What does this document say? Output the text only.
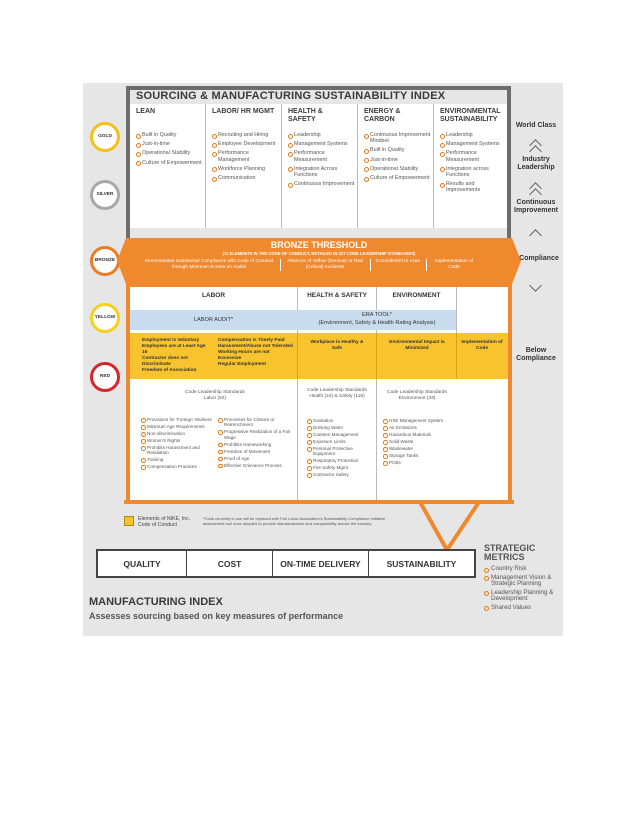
SOURCING & MANUFACTURING SUSTAINABILITY INDEX
LEAN
Built in Quality
Just-in-time
Operational Stability
Culture of Empowerment
LABOR/ HR MGMT
Recruiting and Hiring
Employee Development
Performance Management
Workforce Planning
Communication
HEALTH & SAFETY
Leadership
Management Systems
Performance Measurement
Integration Across Functions
Continuous Improvement
ENERGY & CARBON
Continuous Improvement Mindset
Built in Quality
Just-in-time
Operational Stability
Culture of Empowerment
ENVIRONMENTAL SUSTAINABILITY
Leadership
Management Systems
Performance Measurement
Integration across Functions
Results and Improvements
GOLD
SILVER
BRONZE
YELLOW
RED
World Class
Industry Leadership
Continuous Improvement
Compliance
Below Compliance
BRONZE THRESHOLD
(11 ELEMENTS IN THE CODE OF CONDUCT, DETAILED IN 227 CODE LEADERSHIP STANDARDS)
Demonstrates Substantial Compliance with Code of Conduct through Minimum Scores on Audits
Absence of Yellow (Serious) or Red (Critical) Incidents
Commitment to Lean	Implementation of Code
LABOR	HEALTH & SAFETY	ENVIRONMENT
LABOR AUDIT*
ERA TOOL*
(Environment, Safety & Health Rating Analysis)
Employment is Voluntary
Employees are at Least Age 16
Contractor does not Discriminate
Freedom of Association
Compensation is Timely Paid
Harassment/Abuse not Tolerated
Working Hours are not Excessive
Regular Employment
Workplace is Healthy & Safe
Environmental Impact is Minimized
Implementation of Code
Code Leadership Standards
Labor (52)
Provisions for 'Foreign' Workers
Minimum Age Requirements
Non-discrimination
Women's Rights
Prohibits Harassment and Retaliation
Training
Compensation Practices
Processes for Closure or Retrenchment
Progressive Realization of a Fair Wage
Prohibits Homeworking
Freedom of Movement
Proof of Age
Effective Grievance Process
Code Leadership Standards
Health (24) & Safety (118)
Sanitation
Drinking Water
Canteen Management
Exposure Limits
Personal Protective Equipment
Respiratory Protection
Fire Safety Mgmt
Contractor Safety
Code Leadership Standards
Environment (33)
HSE Management System
Air Emissions
Hazardous Materials
Solid Waste
Wastewater
Storage Tanks
PCBs
Elements of NIKE, Inc. Code of Conduct
*Tools currently in use will be replaced with Fair Labor Association's Sustainability Compliance Initiative assessment tool once adopted to provide standardization and comparability across the industry.
QUALITY	COST	ON-TIME DELIVERY	SUSTAINABILITY
STRATEGIC METRICS
Country Risk
Management Vision & Strategic Planning
Leadership Planning & Development
Shared Values
MANUFACTURING INDEX
Assesses sourcing based on key measures of performance
